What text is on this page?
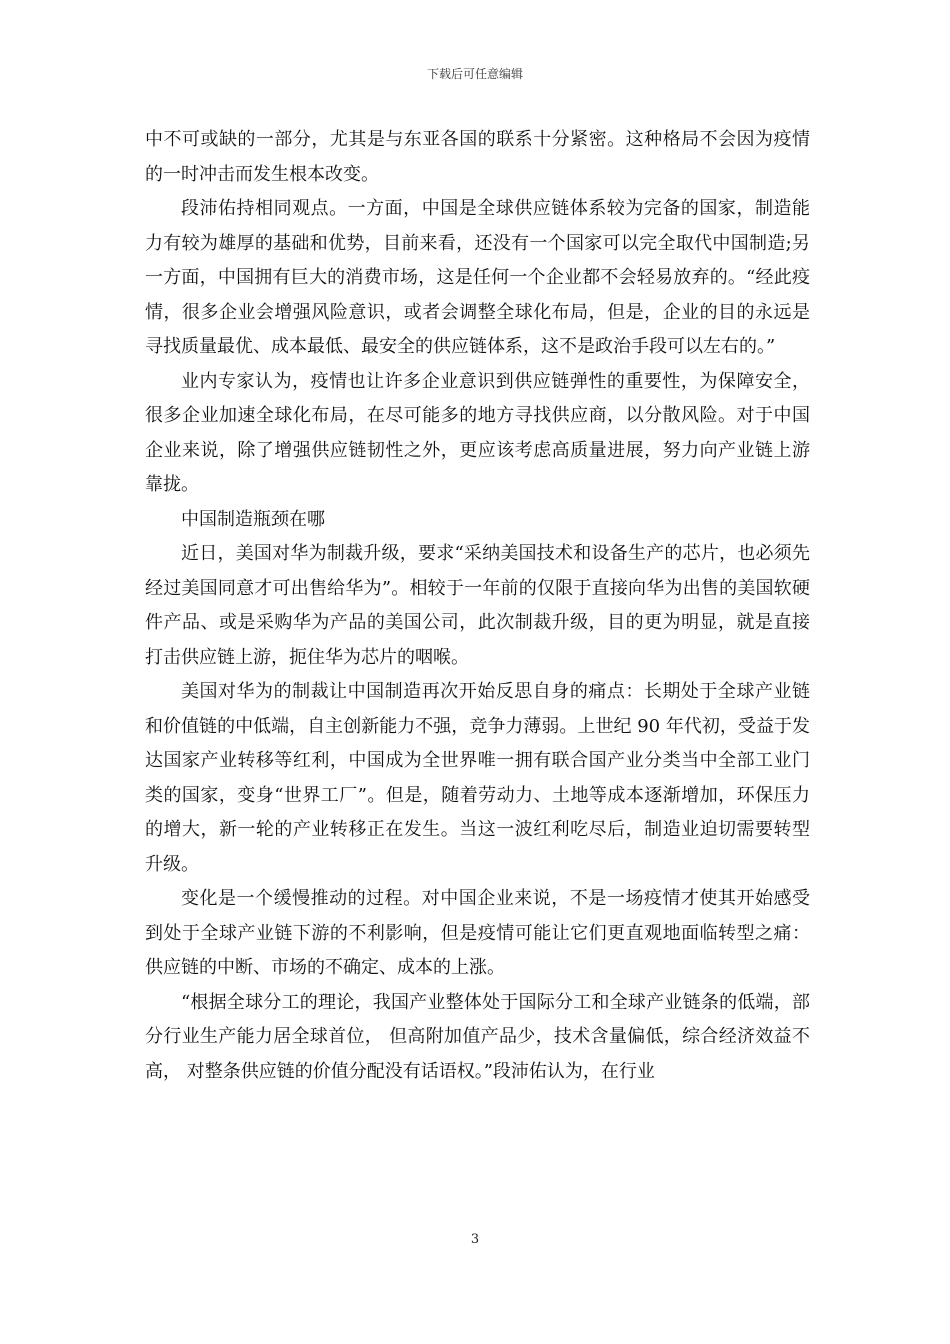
下载后可任意编辑

中不可或缺的一部分，尤其是与东亚各国的联系十分紧密。这种格局不会因为疫情的一时冲击而发生根本改变。

段沛佑持相同观点。一方面，中国是全球供应链体系较为完备的国家，制造能力有较为雄厚的基础和优势，目前来看，还没有一个国家可以完全取代中国制造;另一方面，中国拥有巨大的消费市场，这是任何一个企业都不会轻易放弃的。“经此疫情，很多企业会增强风险意识，或者会调整全球化布局，但是，企业的目的永远是寻找质量最优、成本最低、最安全的供应链体系，这不是政治手段可以左右的。”

业内专家认为，疫情也让许多企业意识到供应链弹性的重要性，为保障安全，很多企业加速全球化布局，在尽可能多的地方寻找供应商，以分散风险。对于中国企业来说，除了增强供应链韧性之外，更应该考虑高质量进展，努力向产业链上游靠拢。

中国制造瓶颈在哪

近日，美国对华为制裁升级，要求“采纳美国技术和设备生产的芯片，也必须先经过美国同意才可出售给华为”。相较于一年前的仅限于直接向华为出售的美国软硬件产品、或是采购华为产品的美国公司，此次制裁升级，目的更为明显，就是直接打击供应链上游，扼住华为芯片的咽喉。

美国对华为的制裁让中国制造再次开始反思自身的痛点：长期处于全球产业链和价值链的中低端，自主创新能力不强，竞争力薄弱。上世纪 90 年代初，受益于发达国家产业转移等红利，中国成为全世界唯一拥有联合国产业分类当中全部工业门类的国家，变身“世界工厂”。但是，随着劳动力、土地等成本逐渐增加，环保压力的增大，新一轮的产业转移正在发生。当这一波红利吃尽后，制造业迫切需要转型升级。

变化是一个缓慢推动的过程。对中国企业来说，不是一场疫情才使其开始感受到处于全球产业链下游的不利影响，但是疫情可能让它们更直观地面临转型之痛：供应链的中断、市场的不确定、成本的上涨。

“根据全球分工的理论，我国产业整体处于国际分工和全球产业链条的低端，部分行业生产能力居全球首位， 但高附加值产品少，技术含量偏低，综合经济效益不高， 对整条供应链的价值分配没有话语权。”段沛佑认为，在行业

3
